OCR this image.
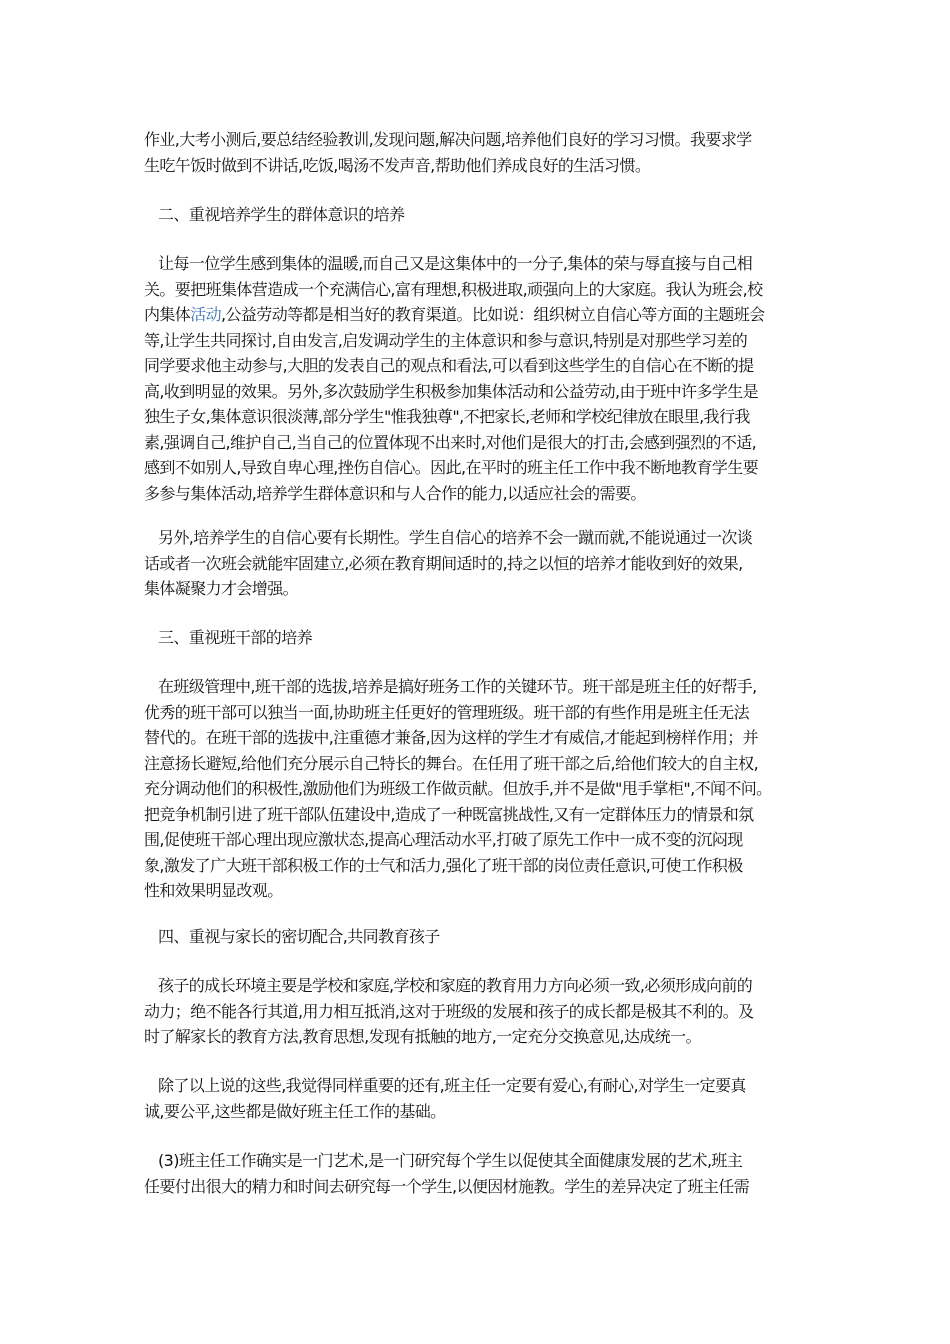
作业,大考小测后,要总结经验教训,发现问题,解决问题,培养他们良好的学习习惯。我要求学
生吃午饭时做到不讲话,吃饭,喝汤不发声音,帮助他们养成良好的生活习惯。
二、重视培养学生的群体意识的培养
让每一位学生感到集体的温暖,而自己又是这集体中的一分子,集体的荣与辱直接与自己相
关。要把班集体营造成一个充满信心,富有理想,积极进取,顽强向上的大家庭。我认为班会,校
内集体活动,公益劳动等都是相当好的教育渠道。比如说：组织树立自信心等方面的主题班会
等,让学生共同探讨,自由发言,启发调动学生的主体意识和参与意识,特别是对那些学习差的
同学要求他主动参与,大胆的发表自己的观点和看法,可以看到这些学生的自信心在不断的提
高,收到明显的效果。另外,多次鼓励学生积极参加集体活动和公益劳动,由于班中许多学生是
独生子女,集体意识很淡薄,部分学生"惟我独尊",不把家长,老师和学校纪律放在眼里,我行我
素,强调自己,维护自己,当自己的位置体现不出来时,对他们是很大的打击,会感到强烈的不适,
感到不如别人,导致自卑心理,挫伤自信心。因此,在平时的班主任工作中我不断地教育学生要
多参与集体活动,培养学生群体意识和与人合作的能力,以适应社会的需要。
另外,培养学生的自信心要有长期性。学生自信心的培养不会一蹴而就,不能说通过一次谈
话或者一次班会就能牢固建立,必须在教育期间适时的,持之以恒的培养才能收到好的效果,
集体凝聚力才会增强。
三、重视班干部的培养
在班级管理中,班干部的选拔,培养是搞好班务工作的关键环节。班干部是班主任的好帮手,
优秀的班干部可以独当一面,协助班主任更好的管理班级。班干部的有些作用是班主任无法
替代的。在班干部的选拔中,注重德才兼备,因为这样的学生才有威信,才能起到榜样作用；并
注意扬长避短,给他们充分展示自己特长的舞台。在任用了班干部之后,给他们较大的自主权,
充分调动他们的积极性,激励他们为班级工作做贡献。但放手,并不是做"甩手掌柜",不闻不问。
把竞争机制引进了班干部队伍建设中,造成了一种既富挑战性,又有一定群体压力的情景和氛
围,促使班干部心理出现应激状态,提高心理活动水平,打破了原先工作中一成不变的沉闷现
象,激发了广大班干部积极工作的士气和活力,强化了班干部的岗位责任意识,可使工作积极
性和效果明显改观。
四、重视与家长的密切配合,共同教育孩子
孩子的成长环境主要是学校和家庭,学校和家庭的教育用力方向必须一致,必须形成向前的
动力；绝不能各行其道,用力相互抵消,这对于班级的发展和孩子的成长都是极其不利的。及
时了解家长的教育方法,教育思想,发现有抵触的地方,一定充分交换意见,达成统一。
除了以上说的这些,我觉得同样重要的还有,班主任一定要有爱心,有耐心,对学生一定要真
诚,要公平,这些都是做好班主任工作的基础。
(3)班主任工作确实是一门艺术,是一门研究每个学生以促使其全面健康发展的艺术,班主
任要付出很大的精力和时间去研究每一个学生,以便因材施教。学生的差异决定了班主任需
